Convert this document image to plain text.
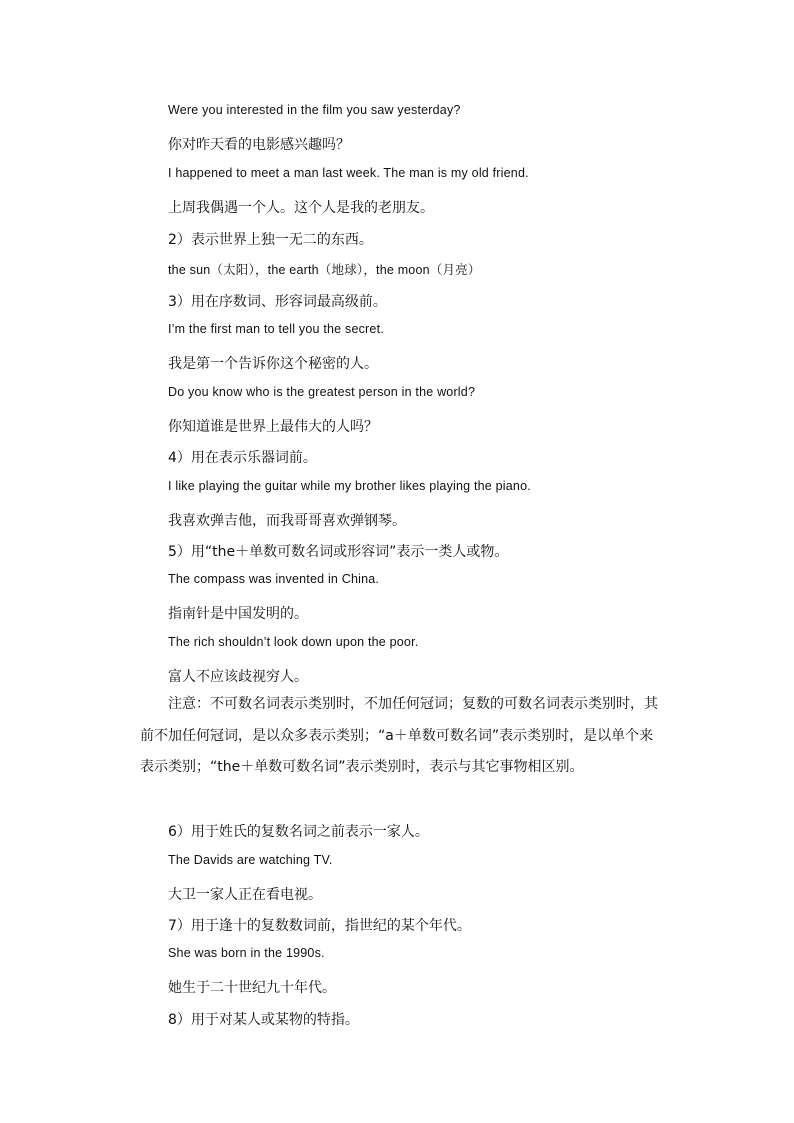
Were you interested in the film you saw yesterday?
你对昨天看的电影感兴趣吗？
I happened to meet a man last week. The man is my old friend.
上周我偶遇一个人。这个人是我的老朋友。
2）表示世界上独一无二的东西。
the sun（太阳），the earth（地球），the moon（月亮）
3）用在序数词、形容词最高级前。
I’m the first man to tell you the secret.
我是第一个告诉你这个秘密的人。
Do you know who is the greatest person in the world?
你知道谁是世界上最伟大的人吗？
4）用在表示乐器词前。
I like playing the guitar while my brother likes playing the piano.
我喜欢弹吉他，而我哥哥喜欢弹钢琴。
5）用“the＋单数可数名词或形容词”表示一类人或物。
The compass was invented in China.
指南针是中国发明的。
The rich shouldn’t look down upon the poor.
富人不应该歧视穷人。
注意：不可数名词表示类别时，不加任何冠词；复数的可数名词表示类别时，其前不加任何冠词，是以众多表示类别；“a＋单数可数名词”表示类别时，是以单个来表示类别；“the＋单数可数名词”表示类别时，表示与其它事物相区别。
6）用于姓氏的复数名词之前表示一家人。
The Davids are watching TV.
大卫一家人正在看电视。
7）用于逢十的复数数词前，指世纪的某个年代。
She was born in the 1990s.
她生于二十世纪九十年代。
8）用于对某人或某物的特指。
